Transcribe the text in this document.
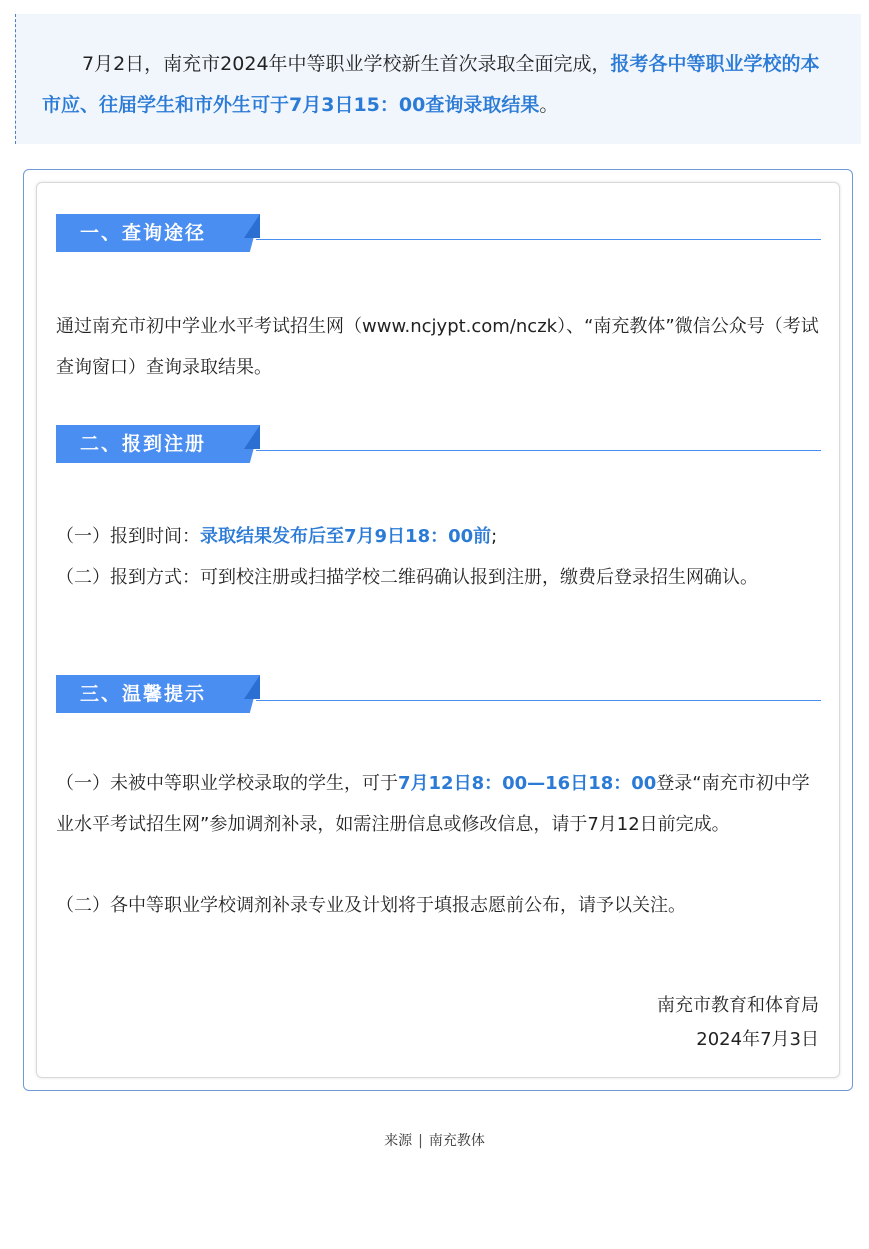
7月2日，南充市2024年中等职业学校新生首次录取全面完成，报考各中等职业学校的本市应、往届学生和市外生可于7月3日15：00查询录取结果。
一、查询途径
通过南充市初中学业水平考试招生网（www.ncjypt.com/nczk）、“南充教体”微信公众号（考试查询窗口）查询录取结果。
二、报到注册
（一）报到时间：录取结果发布后至7月9日18：00前;
（二）报到方式：可到校注册或扫描学校二维码确认报到注册，缴费后登录招生网确认。
三、温馨提示
（一）未被中等职业学校录取的学生，可于7月12日8：00—16日18：00登录“南充市初中学业水平考试招生网”参加调剂补录，如需注册信息或修改信息，请于7月12日前完成。
（二）各中等职业学校调剂补录专业及计划将于填报志愿前公布，请予以关注。
南充市教育和体育局
2024年7月3日
来源 | 南充教体
